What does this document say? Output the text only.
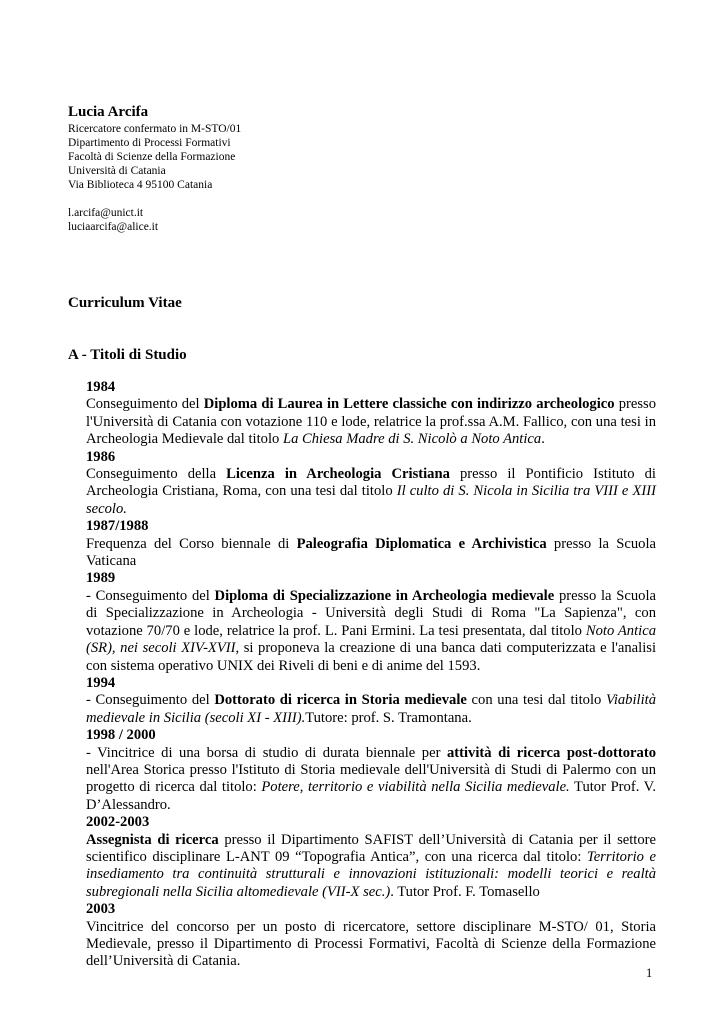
Lucia Arcifa
Ricercatore confermato in M-STO/01
Dipartimento di Processi Formativi
Facoltà di Scienze della Formazione
Università di Catania
Via Biblioteca 4 95100 Catania
l.arcifa@unict.it
luciaarcifa@alice.it
Curriculum Vitae
A - Titoli di Studio
1984
Conseguimento del Diploma di Laurea in Lettere classiche con indirizzo archeologico presso l'Università di Catania con votazione 110 e lode, relatrice la prof.ssa A.M. Fallico, con una tesi in Archeologia Medievale dal titolo La Chiesa Madre di S. Nicolò a Noto Antica.
1986
Conseguimento della Licenza in Archeologia Cristiana presso il Pontificio Istituto di Archeologia Cristiana, Roma, con una tesi dal titolo Il culto di S. Nicola in Sicilia tra VIII e XIII secolo.
1987/1988
Frequenza del Corso biennale di Paleografia Diplomatica e Archivistica presso la Scuola Vaticana
1989
- Conseguimento del Diploma di Specializzazione in Archeologia medievale presso la Scuola di Specializzazione in Archeologia - Università degli Studi di Roma "La Sapienza", con votazione 70/70 e lode, relatrice la prof. L. Pani Ermini. La tesi presentata, dal titolo Noto Antica (SR), nei secoli XIV-XVII, si proponeva la creazione di una banca dati computerizzata e l'analisi con sistema operativo UNIX dei Riveli di beni e di anime del 1593.
1994
- Conseguimento del Dottorato di ricerca in Storia medievale con una tesi dal titolo Viabilità medievale in Sicilia (secoli XI - XIII).Tutore: prof. S. Tramontana.
1998 / 2000
- Vincitrice di una borsa di studio di durata biennale per attività di ricerca post-dottorato nell'Area Storica presso l'Istituto di Storia medievale dell'Università di Studi di Palermo con un progetto di ricerca dal titolo: Potere, territorio e viabilità nella Sicilia medievale. Tutor Prof. V. D’Alessandro.
2002-2003
Assegnista di ricerca presso il Dipartimento SAFIST dell’Università di Catania per il settore scientifico disciplinare L-ANT 09 “Topografia Antica”, con una ricerca dal titolo: Territorio e insediamento tra continuità strutturali e innovazioni istituzionali: modelli teorici e realtà subregionali nella Sicilia altomedievale (VII-X sec.). Tutor Prof. F. Tomasello
2003
Vincitrice del concorso per un posto di ricercatore, settore disciplinare M-STO/ 01, Storia Medievale, presso il Dipartimento di Processi Formativi, Facoltà di Scienze della Formazione dell’Università di Catania.
1
